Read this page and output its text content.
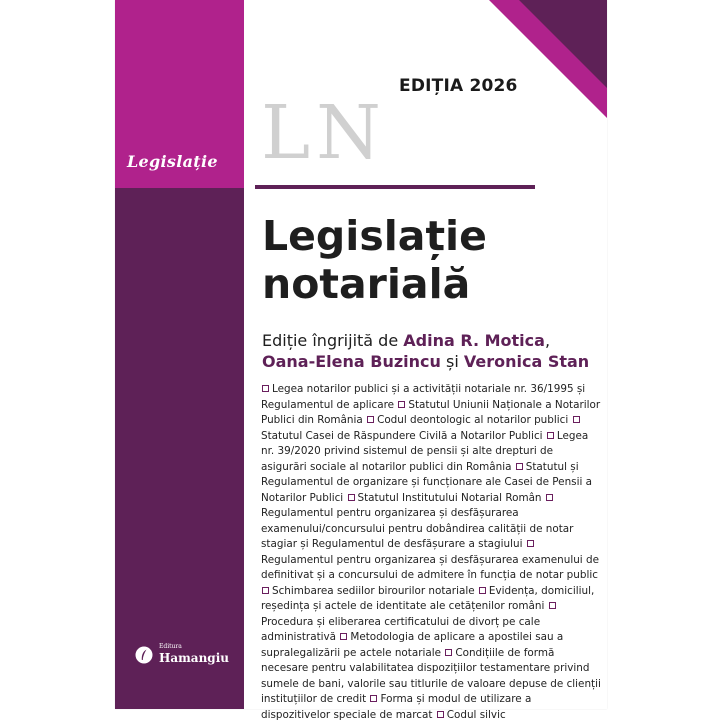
Legislație
EDIȚIA 2026
LN
Legislație
notarială
Ediție îngrijită de Adina R. Motica,
Oana-Elena Buzincu și Veronica Stan
Legea notarilor publici și a activității notariale nr. 36/1995 și Regulamentul de aplicare Statutul Uniunii Naționale a Notarilor Publici din România Codul deontologic al notarilor publici Statutul Casei de Răspundere Civilă a Notarilor Publici Legea nr. 39/2020 privind sistemul de pensii și alte drepturi de asigurări sociale al notarilor publici din România Statutul și Regulamentul de organizare și funcționare ale Casei de Pensii a Notarilor Publici Statutul Institutului Notarial Român Regulamentul pentru organizarea și desfășurarea examenului/concursului pentru dobândirea calității de notar stagiar și Regulamentul de desfășurare a stagiului Regulamentul pentru organizarea și desfășurarea examenului de definitivat și a concursului de admitere în funcția de notar public Schimbarea sediilor birourilor notariale Evidența, domiciliul, reședința și actele de identitate ale cetățenilor români Procedura și eliberarea certificatului de divorț pe cale administrativă Metodologia de aplicare a apostilei sau a supralegalizării pe actele notariale Condițiile de formă necesare pentru valabilitatea dispozițiilor testamentare privind sumele de bani, valorile sau titlurile de valoare depuse de clienții instituțiilor de credit Forma și modul de utilizare a dispozitivelor speciale de marcat Codul silvic
Editura
Hamangiu
